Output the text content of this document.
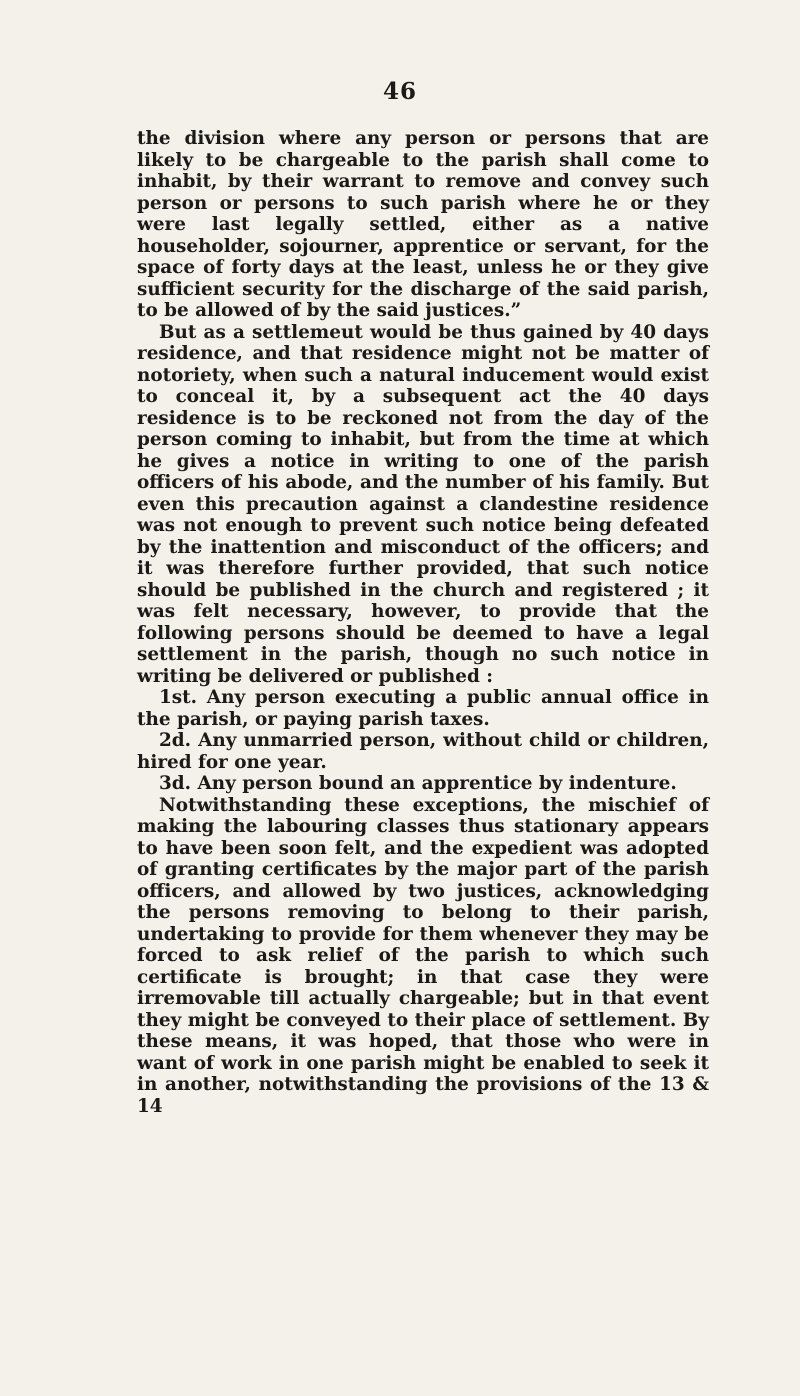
46

the division where any person or persons that are likely to be chargeable to the parish shall come to inhabit, by their warrant to remove and convey such person or persons to such parish where he or they were last legally settled, either as a native householder, sojourner, apprentice or servant, for the space of forty days at the least, unless he or they give sufficient security for the discharge of the said parish, to be allowed of by the said justices.”

But as a settlemeut would be thus gained by 40 days residence, and that residence might not be matter of notoriety, when such a natural inducement would exist to conceal it, by a subsequent act the 40 days residence is to be reckoned not from the day of the person coming to inhabit, but from the time at which he gives a notice in writing to one of the parish officers of his abode, and the number of his family. But even this precaution against a clandestine residence was not enough to prevent such notice being defeated by the inattention and misconduct of the officers; and it was therefore further provided, that such notice should be published in the church and registered ; it was felt necessary, however, to provide that the following persons should be deemed to have a legal settlement in the parish, though no such notice in writing be delivered or published :

1st. Any person executing a public annual office in the parish, or paying parish taxes.

2d. Any unmarried person, without child or children, hired for one year.

3d. Any person bound an apprentice by indenture.

Notwithstanding these exceptions, the mischief of making the labouring classes thus stationary appears to have been soon felt, and the expedient was adopted of granting certificates by the major part of the parish officers, and allowed by two justices, acknowledging the persons removing to belong to their parish, undertaking to provide for them whenever they may be forced to ask relief of the parish to which such certificate is brought; in that case they were irremovable till actually chargeable; but in that event they might be conveyed to their place of settlement. By these means, it was hoped, that those who were in want of work in one parish might be enabled to seek it in another, notwithstanding the provisions of the 13 & 14
